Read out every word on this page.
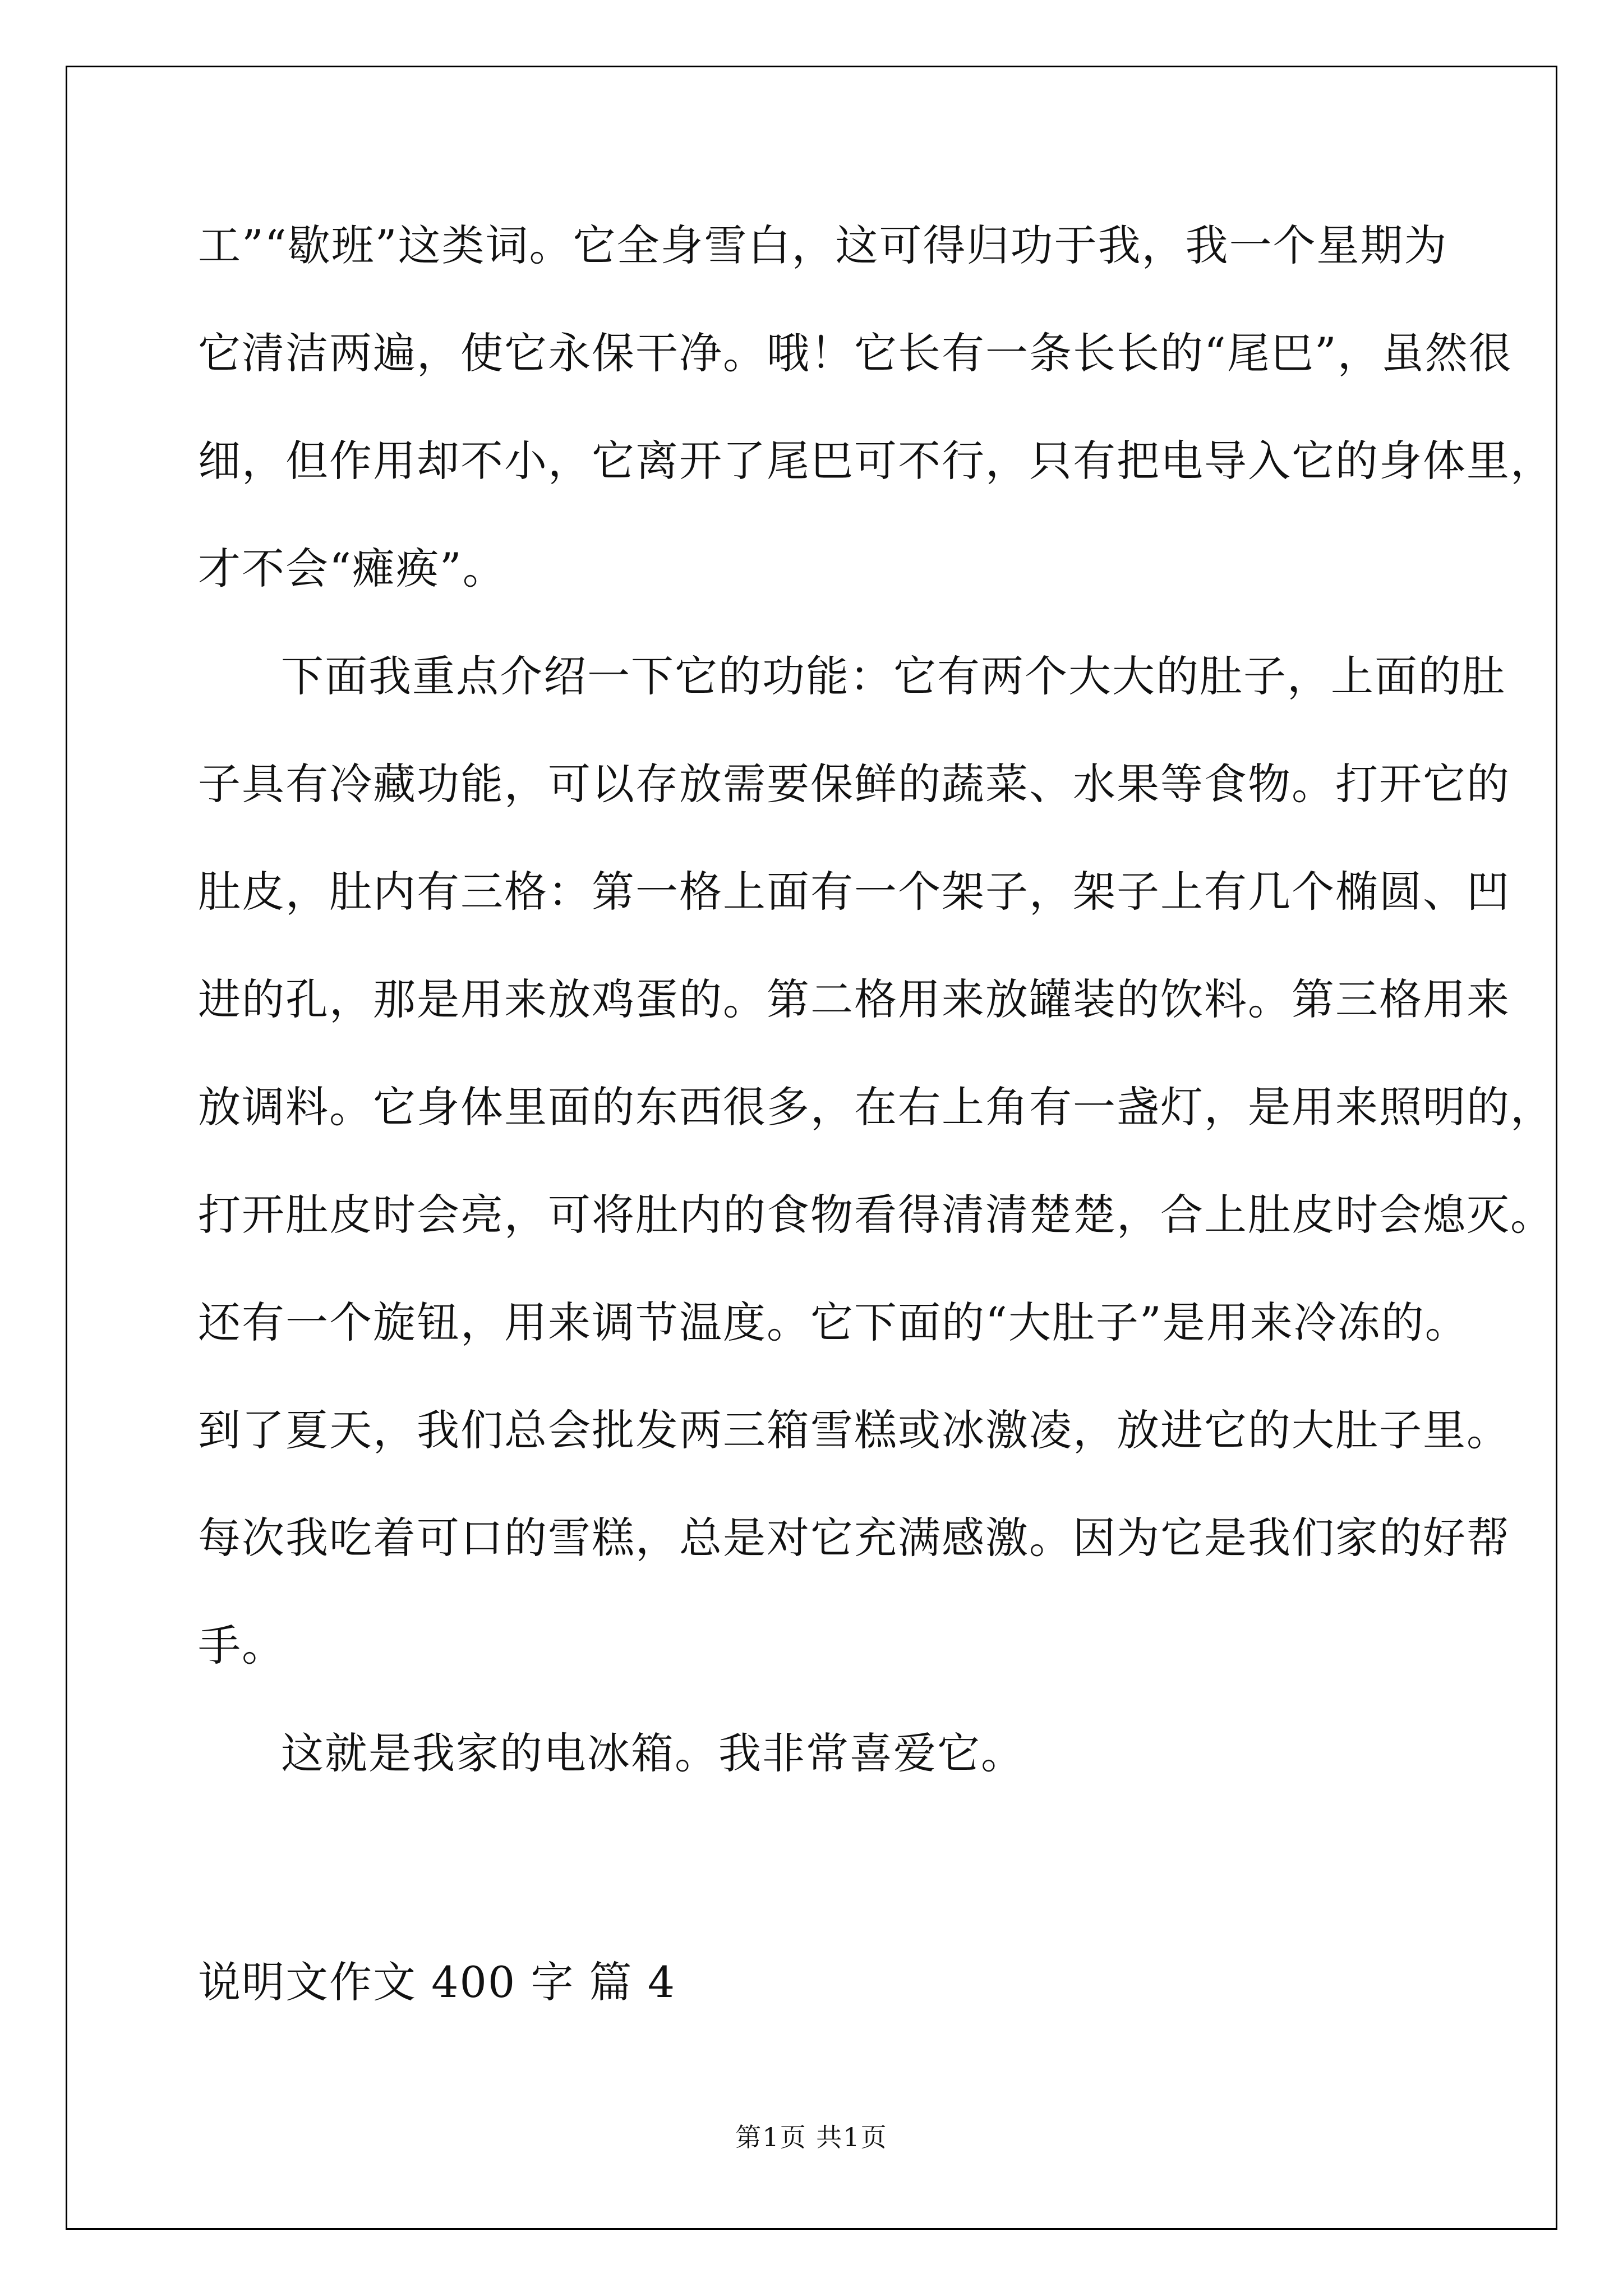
工”“歇班”这类词。它全身雪白，这可得归功于我，我一个星期为
它清洁两遍，使它永保干净。哦！它长有一条长长的“尾巴”，虽然很
细，但作用却不小，它离开了尾巴可不行，只有把电导入它的身体里，
才不会“瘫痪”。
下面我重点介绍一下它的功能：它有两个大大的肚子，上面的肚
子具有冷藏功能，可以存放需要保鲜的蔬菜、水果等食物。打开它的
肚皮，肚内有三格：第一格上面有一个架子，架子上有几个椭圆、凹
进的孔，那是用来放鸡蛋的。第二格用来放罐装的饮料。第三格用来
放调料。它身体里面的东西很多，在右上角有一盏灯，是用来照明的，
打开肚皮时会亮，可将肚内的食物看得清清楚楚，合上肚皮时会熄灭。
还有一个旋钮，用来调节温度。它下面的“大肚子”是用来冷冻的。
到了夏天，我们总会批发两三箱雪糕或冰激凌，放进它的大肚子里。
每次我吃着可口的雪糕，总是对它充满感激。因为它是我们家的好帮
手。
这就是我家的电冰箱。我非常喜爱它。
说明文作文 400 字 篇 4
第1页 共1页
